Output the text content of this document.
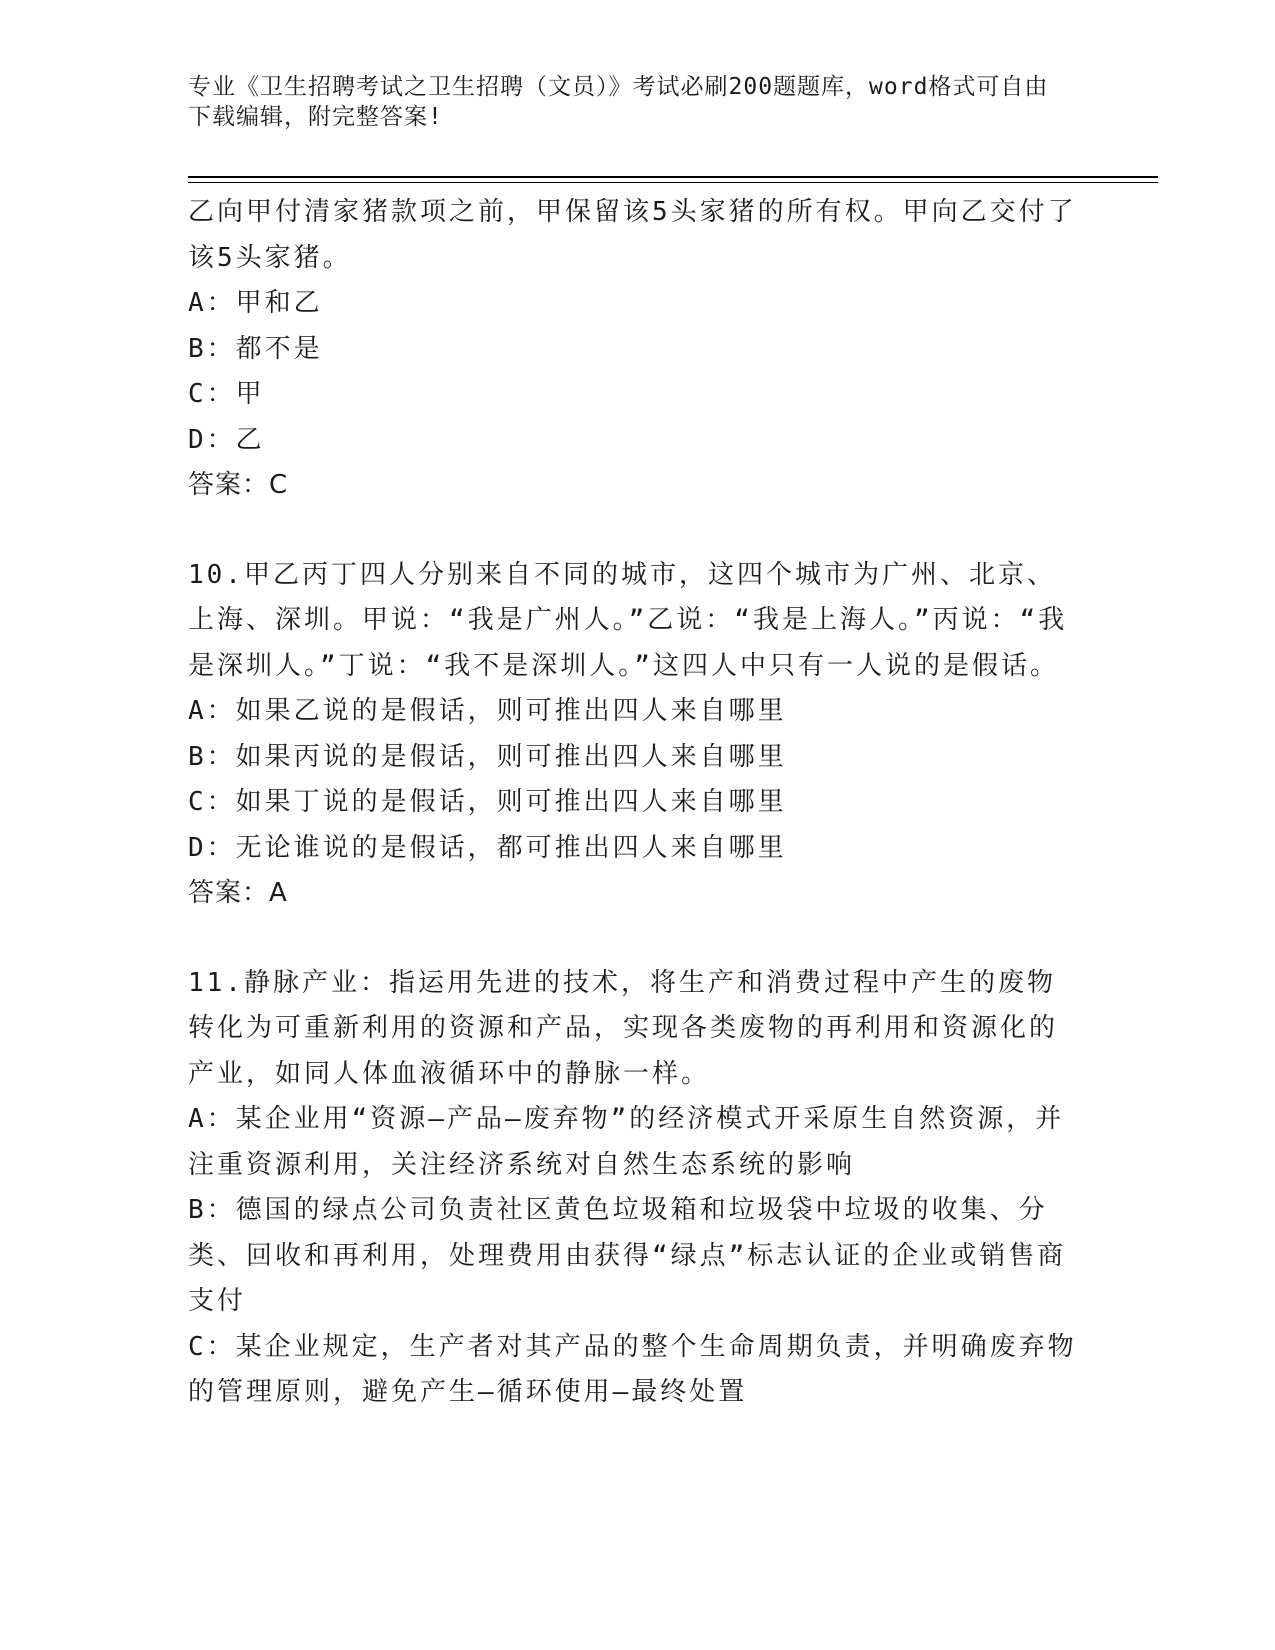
专业《卫生招聘考试之卫生招聘（文员）》考试必刷200题题库，word格式可自由下载编辑，附完整答案!

乙向甲付清家猪款项之前，甲保留该5头家猪的所有权。甲向乙交付了该5头家猪。

A：甲和乙

B：都不是

C：甲

D：乙

答案：C

10.甲乙丙丁四人分别来自不同的城市，这四个城市为广州、北京、上海、深圳。甲说：“我是广州人。”乙说：“我是上海人。”丙说：“我是深圳人。”丁说：“我不是深圳人。”这四人中只有一人说的是假话。

A：如果乙说的是假话，则可推出四人来自哪里

B：如果丙说的是假话，则可推出四人来自哪里

C：如果丁说的是假话，则可推出四人来自哪里

D：无论谁说的是假话，都可推出四人来自哪里

答案：A

11.静脉产业：指运用先进的技术，将生产和消费过程中产生的废物转化为可重新利用的资源和产品，实现各类废物的再利用和资源化的产业，如同人体血液循环中的静脉一样。

A：某企业用“资源—产品—废弃物”的经济模式开采原生自然资源，并注重资源利用，关注经济系统对自然生态系统的影响

B：德国的绿点公司负责社区黄色垃圾箱和垃圾袋中垃圾的收集、分类、回收和再利用，处理费用由获得“绿点”标志认证的企业或销售商支付

C：某企业规定，生产者对其产品的整个生命周期负责，并明确废弃物的管理原则，避免产生—循环使用—最终处置
